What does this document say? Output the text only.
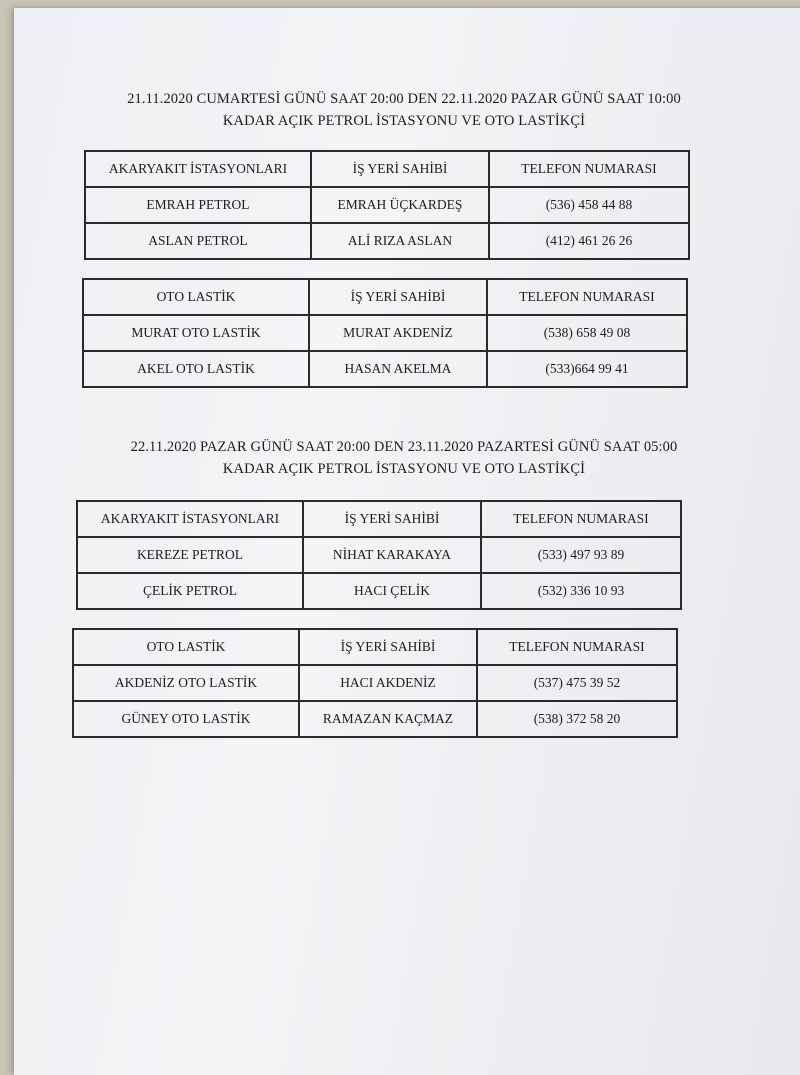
21.11.2020 CUMARTESİ GÜNÜ SAAT 20:00 DEN 22.11.2020 PAZAR GÜNÜ SAAT 10:00
KADAR AÇIK PETROL İSTASYONU VE OTO LASTİKÇİ
AKARYAKIT İSTASYONLARI	İŞ YERİ SAHİBİ	TELEFON NUMARASI
EMRAH PETROL	EMRAH ÜÇKARDEŞ	(536) 458 44 88
ASLAN PETROL	ALİ RIZA ASLAN	(412) 461 26 26
OTO LASTİK	İŞ YERİ SAHİBİ	TELEFON NUMARASI
MURAT OTO LASTİK	MURAT AKDENİZ	(538) 658 49 08
AKEL OTO LASTİK	HASAN AKELMA	(533)664 99 41
22.11.2020 PAZAR GÜNÜ SAAT 20:00 DEN 23.11.2020 PAZARTESİ GÜNÜ SAAT 05:00
KADAR AÇIK PETROL İSTASYONU VE OTO LASTİKÇİ
AKARYAKIT İSTASYONLARI	İŞ YERİ SAHİBİ	TELEFON NUMARASI
KEREZE PETROL	NİHAT KARAKAYA	(533) 497 93 89
ÇELİK PETROL	HACI ÇELİK	(532) 336 10 93
OTO LASTİK	İŞ YERİ SAHİBİ	TELEFON NUMARASI
AKDENİZ OTO LASTİK	HACI AKDENİZ	(537) 475 39 52
GÜNEY OTO LASTİK	RAMAZAN KAÇMAZ	(538) 372 58 20
